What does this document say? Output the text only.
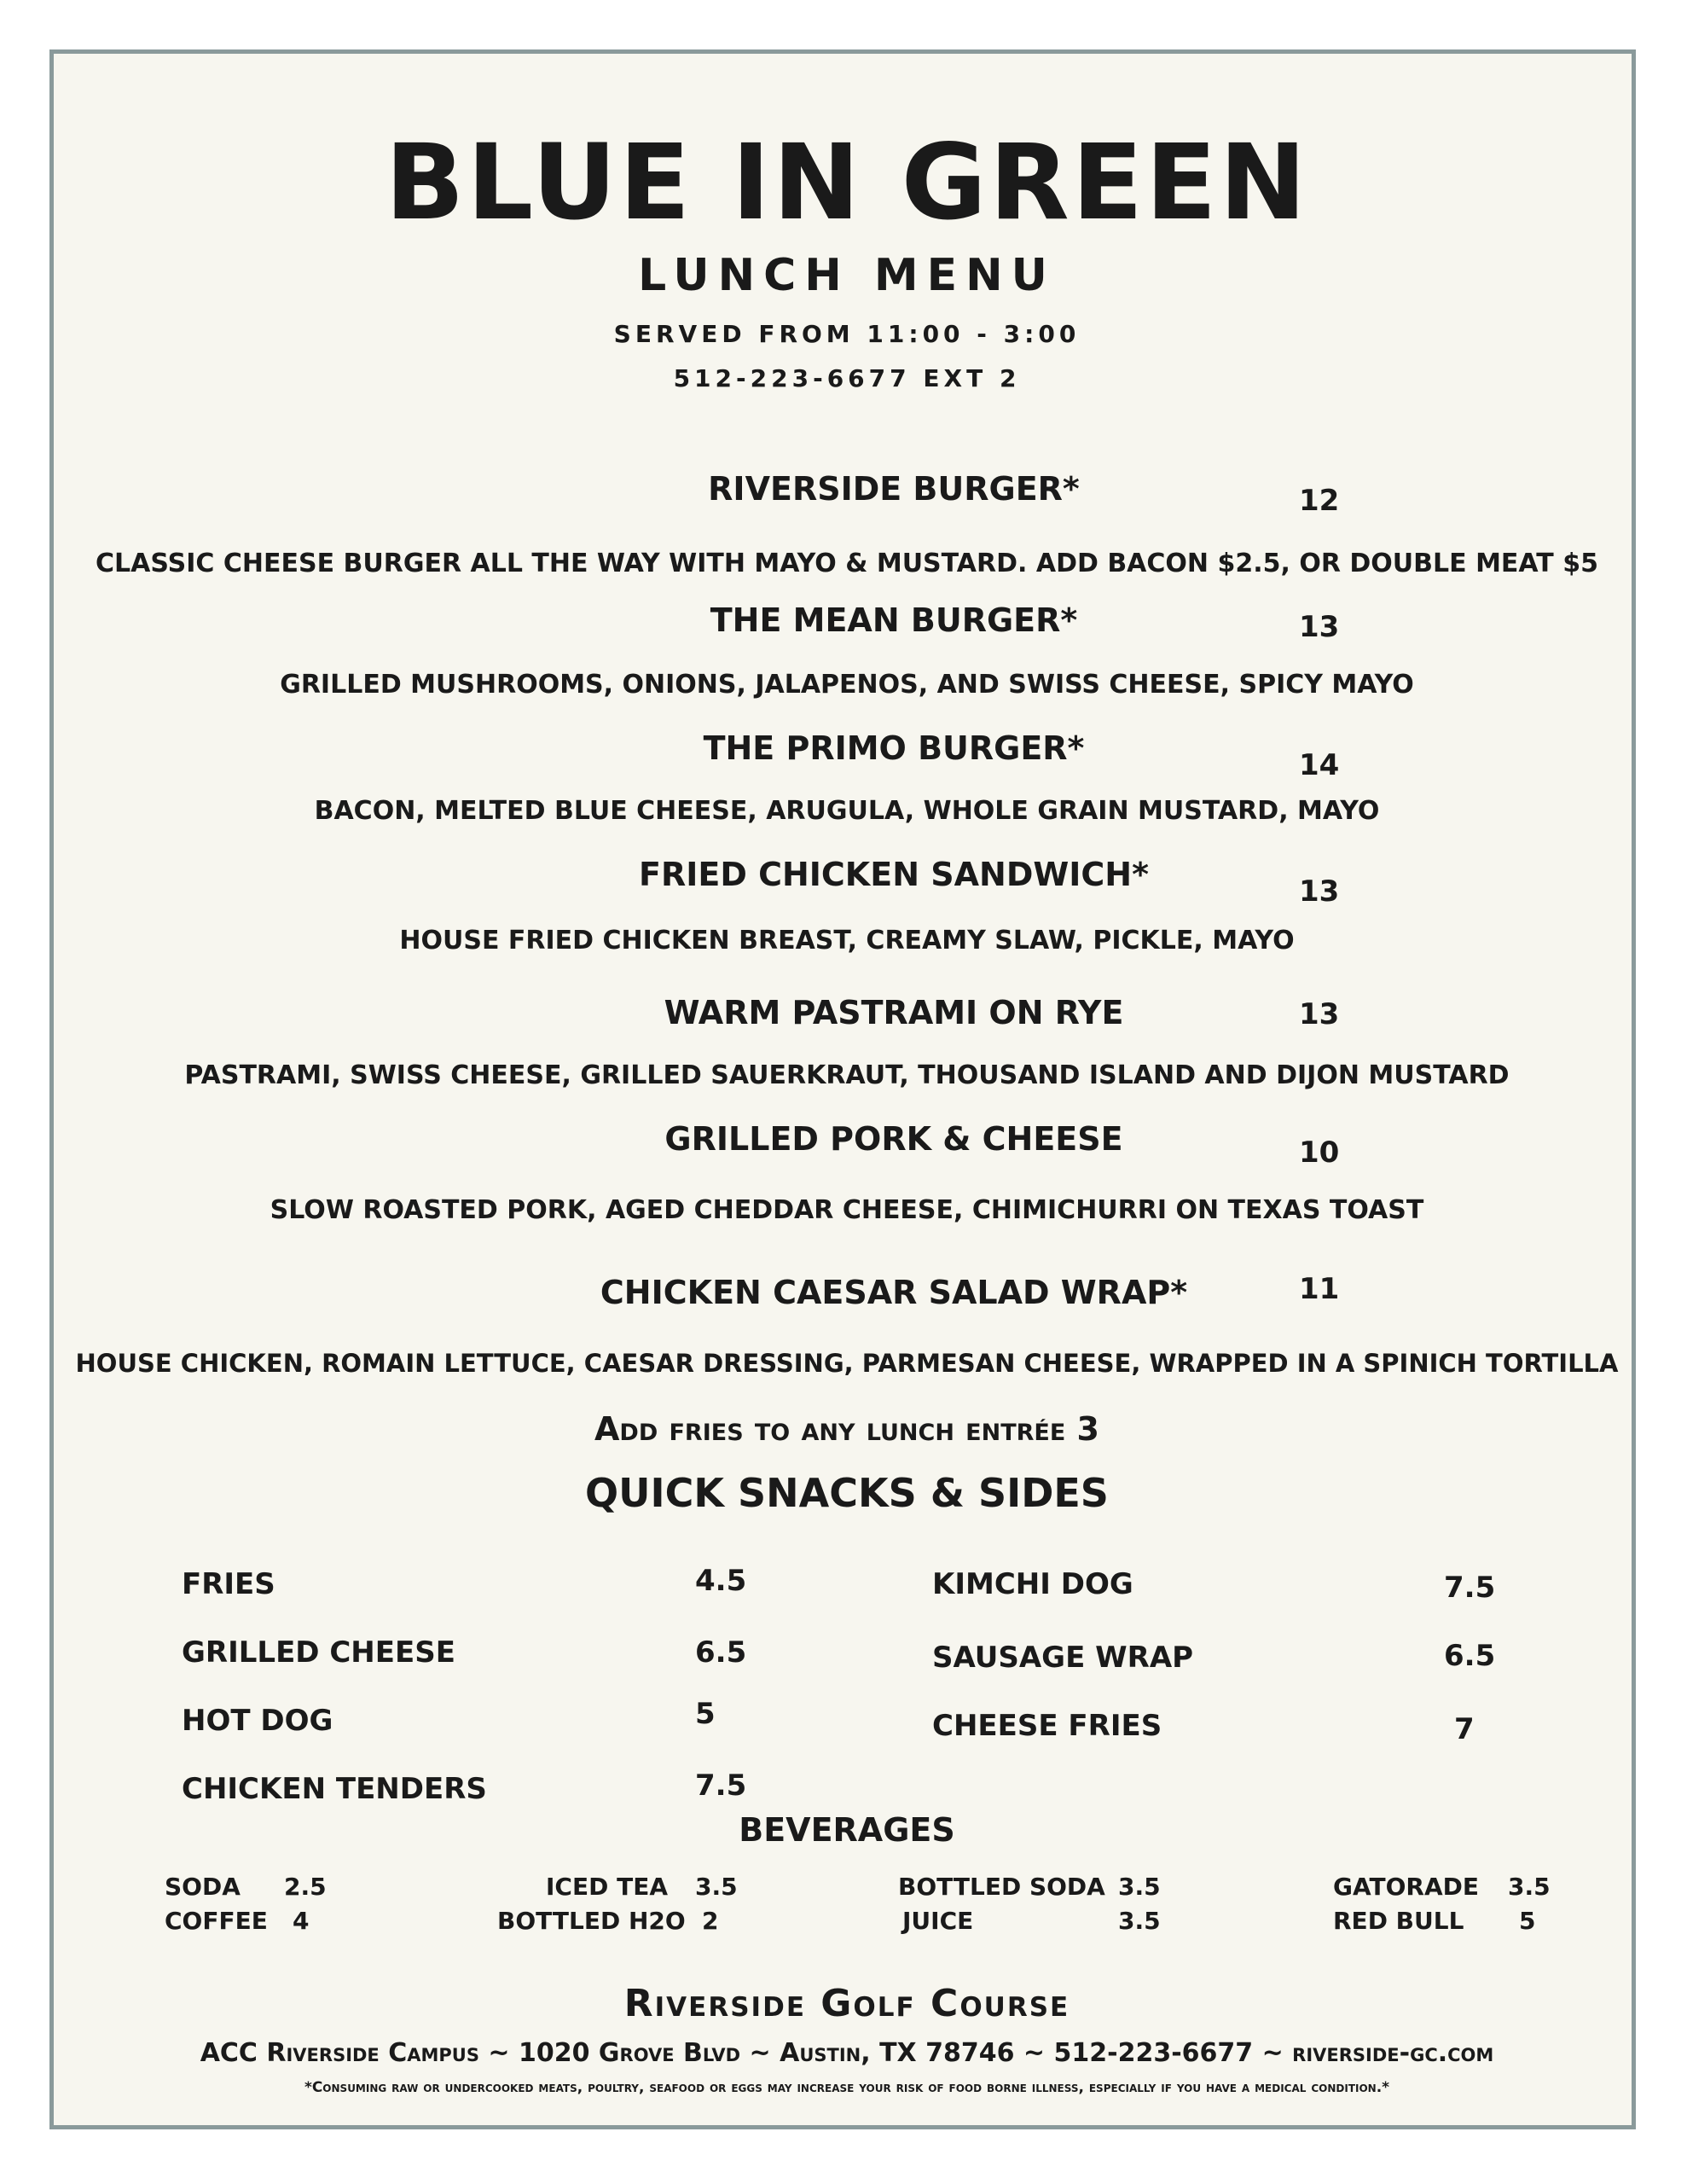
BLUE IN GREEN
LUNCH MENU
SERVED FROM 11:00 - 3:00
512-223-6677 EXT 2
RIVERSIDE BURGER*	12
CLASSIC CHEESE BURGER ALL THE WAY WITH MAYO & MUSTARD. ADD BACON $2.5, OR DOUBLE MEAT $5
THE MEAN BURGER*	13
GRILLED MUSHROOMS, ONIONS, JALAPENOS, AND SWISS CHEESE, SPICY MAYO
THE PRIMO BURGER*	14
BACON, MELTED BLUE CHEESE, ARUGULA, WHOLE GRAIN MUSTARD, MAYO
FRIED CHICKEN SANDWICH*	13
HOUSE FRIED CHICKEN BREAST, CREAMY SLAW, PICKLE, MAYO
WARM PASTRAMI ON RYE	13
PASTRAMI, SWISS CHEESE, GRILLED SAUERKRAUT, THOUSAND ISLAND AND DIJON MUSTARD
GRILLED PORK & CHEESE	10
SLOW ROASTED PORK, AGED CHEDDAR CHEESE, CHIMICHURRI ON TEXAS TOAST
CHICKEN CAESAR SALAD WRAP*	11
HOUSE CHICKEN, ROMAIN LETTUCE, CAESAR DRESSING, PARMESAN CHEESE, WRAPPED IN A SPINICH TORTILLA
Add fries to any lunch entrée 3
QUICK SNACKS & SIDES
FRIES	4.5
GRILLED CHEESE	6.5
HOT DOG	5
CHICKEN TENDERS	7.5
KIMCHI DOG	7.5
SAUSAGE WRAP	6.5
CHEESE FRIES	7
BEVERAGES
SODA 2.5
COFFEE 4
ICED TEA 3.5
BOTTLED H2O 2
BOTTLED SODA 3.5
JUICE	3.5
GATORADE 3.5
RED BULL 5
Riverside Golf Course
ACC Riverside Campus ~ 1020 Grove Blvd ~ Austin, TX 78746 ~ 512-223-6677 ~ riverside-gc.com
*Consuming raw or undercooked meats, poultry, seafood or eggs may increase your risk of food borne illness, especially if you have a medical condition.*
